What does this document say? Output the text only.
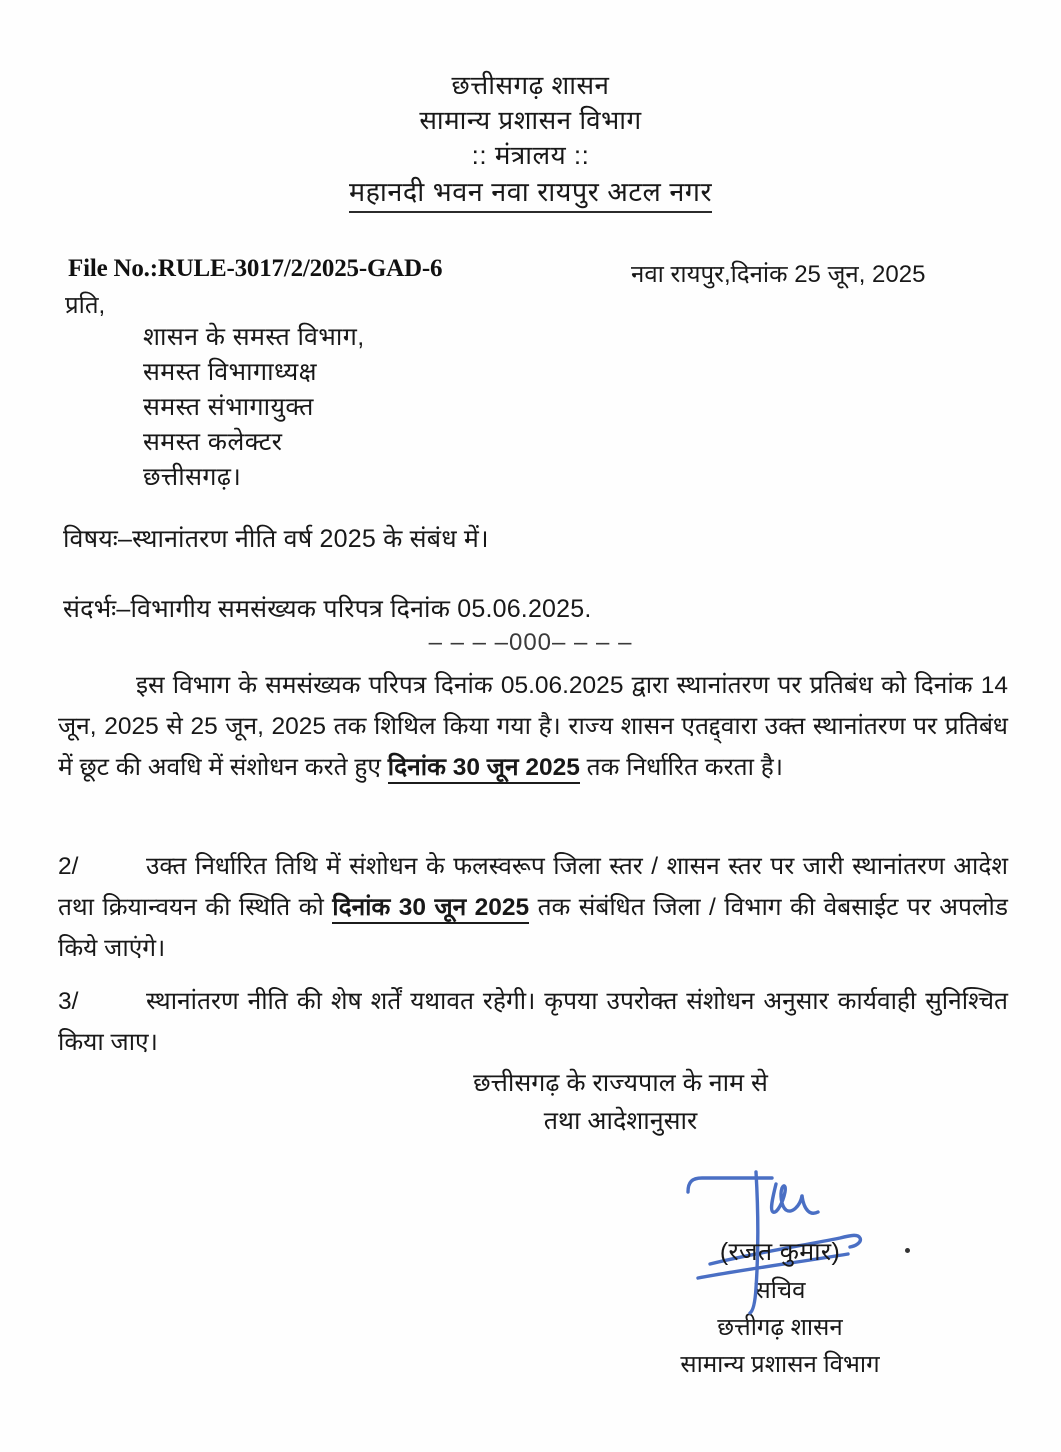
छत्तीसगढ़ शासन
सामान्य प्रशासन विभाग
:: मंत्रालय ::
महानदी भवन नवा रायपुर अटल नगर
File No.:RULE-3017/2/2025-GAD-6	नवा रायपुर,दिनांक 25 जून, 2025
प्रति,
शासन के समस्त विभाग,
समस्त विभागाध्यक्ष
समस्त संभागायुक्त
समस्त कलेक्टर
छत्तीसगढ़।
विषयः–स्थानांतरण नीति वर्ष 2025 के संबंध में।
संदर्भः–विभागीय समसंख्यक परिपत्र दिनांक 05.06.2025.
– – – –000– – – –
इस विभाग के समसंख्यक परिपत्र दिनांक 05.06.2025 द्वारा स्थानांतरण पर प्रतिबंध को दिनांक 14 जून, 2025 से 25 जून, 2025 तक शिथिल किया गया है। राज्य शासन एतद्द्वारा उक्त स्थानांतरण पर प्रतिबंध में छूट की अवधि में संशोधन करते हुए दिनांक 30 जून 2025 तक निर्धारित करता है।
2/	उक्त निर्धारित तिथि में संशोधन के फलस्वरूप जिला स्तर / शासन स्तर पर जारी स्थानांतरण आदेश तथा क्रियान्वयन की स्थिति को दिनांक 30 जून 2025 तक संबंधित जिला / विभाग की वेबसाईट पर अपलोड किये जाएंगे।
3/	स्थानांतरण नीति की शेष शर्तें यथावत रहेगी। कृपया उपरोक्त संशोधन अनुसार कार्यवाही सुनिश्चित किया जाए।
छत्तीसगढ़ के राज्यपाल के नाम से
तथा आदेशानुसार
(रजत कुमार)
सचिव
छत्तीगढ़ शासन
सामान्य प्रशासन विभाग
